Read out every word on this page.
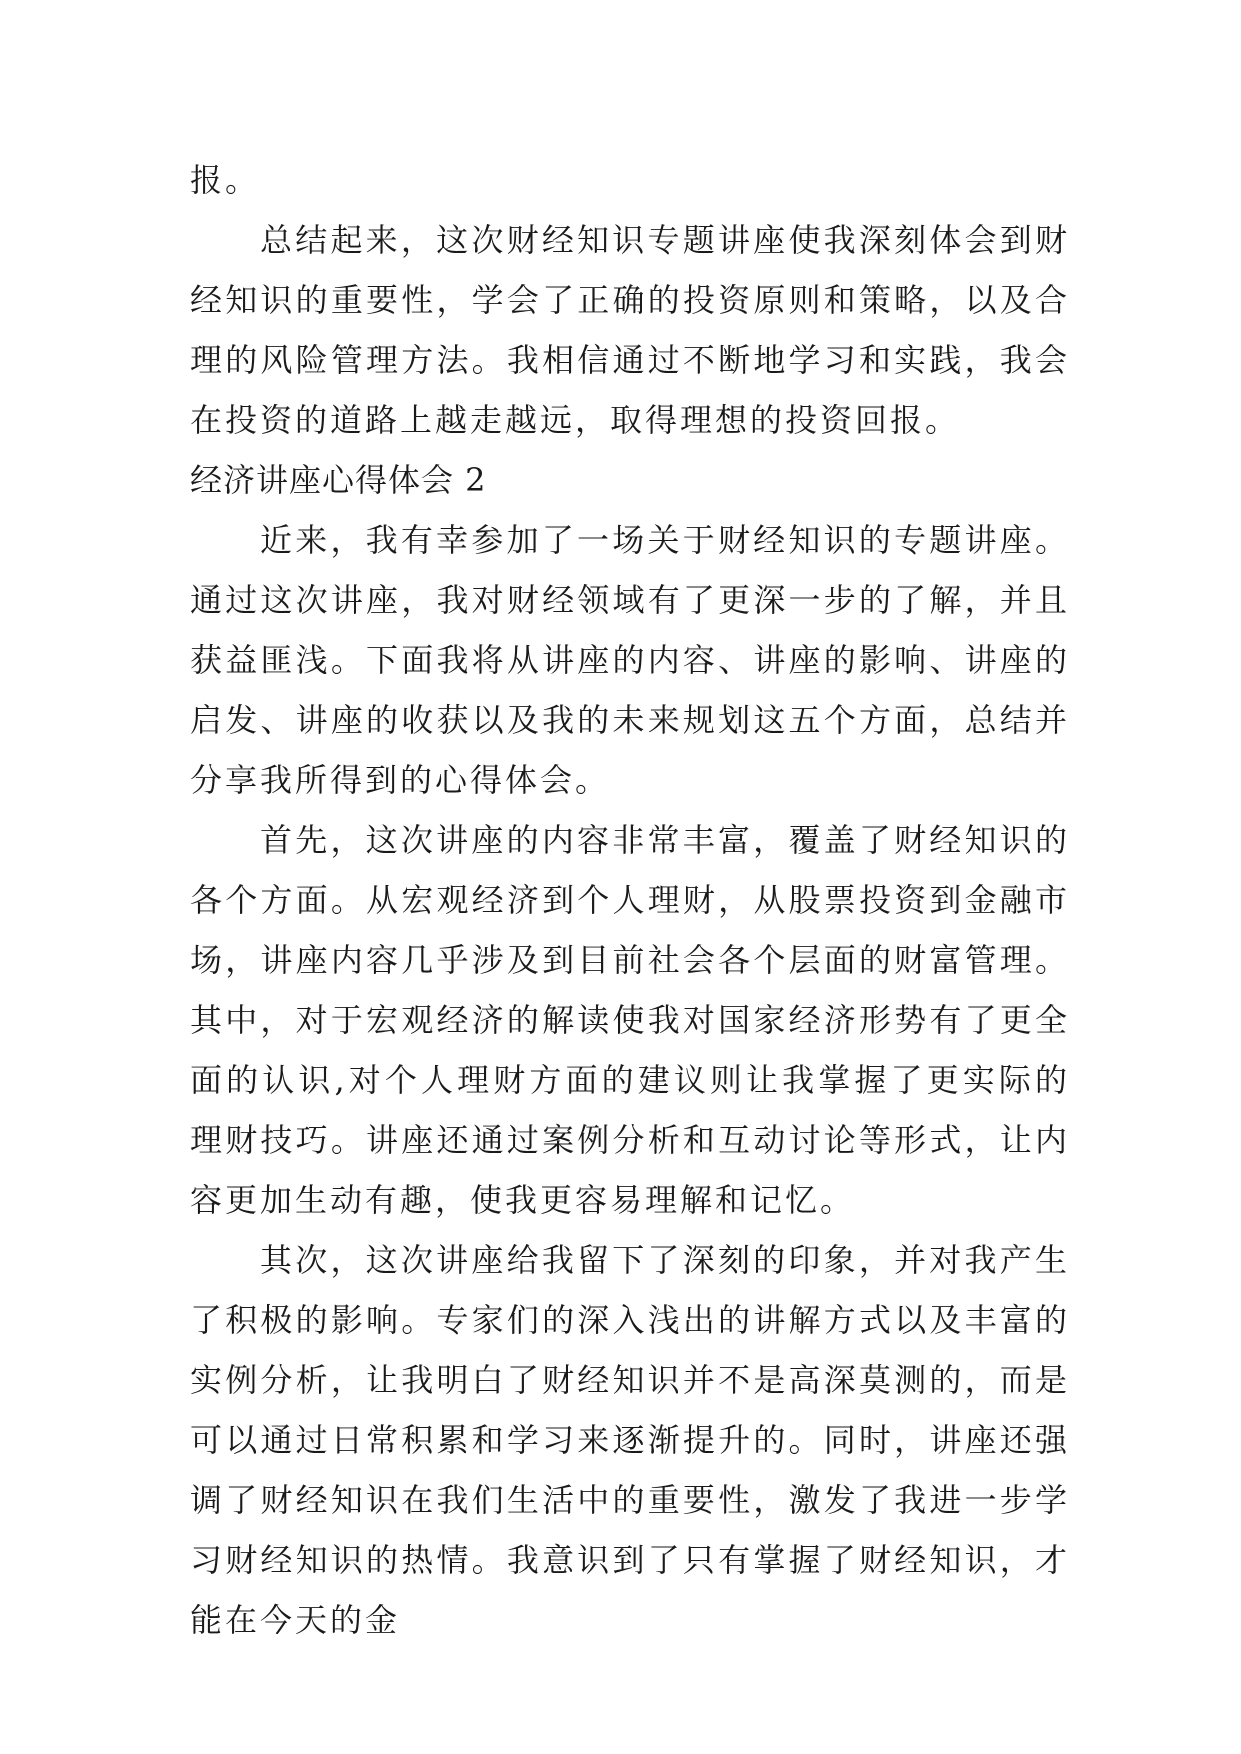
报。

总结起来，这次财经知识专题讲座使我深刻体会到财经知识的重要性，学会了正确的投资原则和策略，以及合理的风险管理方法。我相信通过不断地学习和实践，我会在投资的道路上越走越远，取得理想的投资回报。

经济讲座心得体会 2

近来，我有幸参加了一场关于财经知识的专题讲座。通过这次讲座，我对财经领域有了更深一步的了解，并且获益匪浅。下面我将从讲座的内容、讲座的影响、讲座的启发、讲座的收获以及我的未来规划这五个方面，总结并分享我所得到的心得体会。

首先，这次讲座的内容非常丰富，覆盖了财经知识的各个方面。从宏观经济到个人理财，从股票投资到金融市场，讲座内容几乎涉及到目前社会各个层面的财富管理。其中，对于宏观经济的解读使我对国家经济形势有了更全面的认识,对个人理财方面的建议则让我掌握了更实际的理财技巧。讲座还通过案例分析和互动讨论等形式，让内容更加生动有趣，使我更容易理解和记忆。

其次，这次讲座给我留下了深刻的印象，并对我产生了积极的影响。专家们的深入浅出的讲解方式以及丰富的实例分析，让我明白了财经知识并不是高深莫测的，而是可以通过日常积累和学习来逐渐提升的。同时，讲座还强调了财经知识在我们生活中的重要性，激发了我进一步学习财经知识的热情。我意识到了只有掌握了财经知识，才能在今天的金
